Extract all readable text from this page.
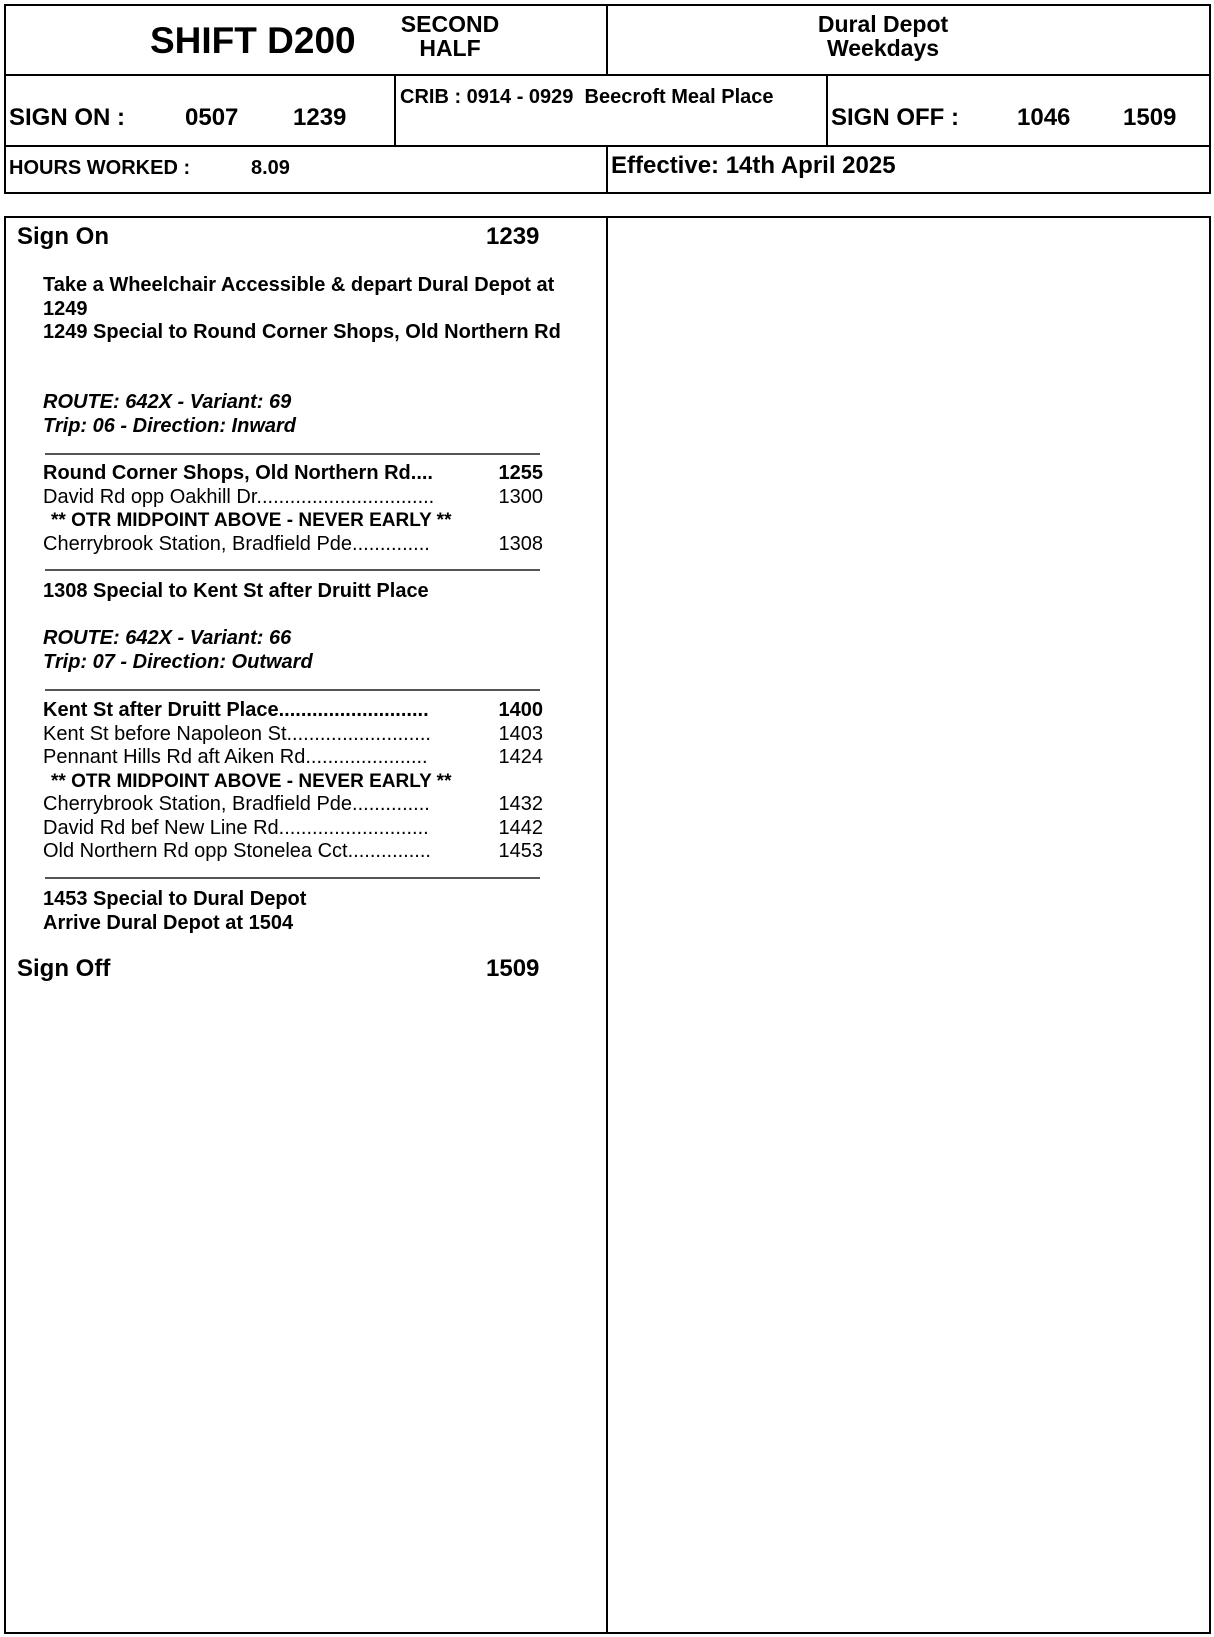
SHIFT D200 SECOND
HALF
Dural Depot
Weekdays
SIGN ON : 0507 1239
CRIB : 0914 - 0929  Beecroft Meal Place
SIGN OFF : 1046 1509
HOURS WORKED :	8.09	Effective: 14th April 2025
Sign On	1239
Take a Wheelchair Accessible & depart Dural Depot at 1249
1249 Special to Round Corner Shops, Old Northern Rd
ROUTE: 642X - Variant: 69
Trip: 06 - Direction: Inward
Round Corner Shops, Old Northern Rd....	1255
David Rd opp Oakhill Dr................................	1300
** OTR MIDPOINT ABOVE - NEVER EARLY **
Cherrybrook Station, Bradfield Pde..............	1308
1308 Special to Kent St after Druitt Place
ROUTE: 642X - Variant: 66
Trip: 07 - Direction: Outward
Kent St after Druitt Place...........................	1400
Kent St before Napoleon St..........................	1403
Pennant Hills Rd aft Aiken Rd......................	1424
** OTR MIDPOINT ABOVE - NEVER EARLY **
Cherrybrook Station, Bradfield Pde..............	1432
David Rd bef New Line Rd...........................	1442
Old Northern Rd opp Stonelea Cct...............	1453
1453 Special to Dural Depot
Arrive Dural Depot at 1504
Sign Off	1509
